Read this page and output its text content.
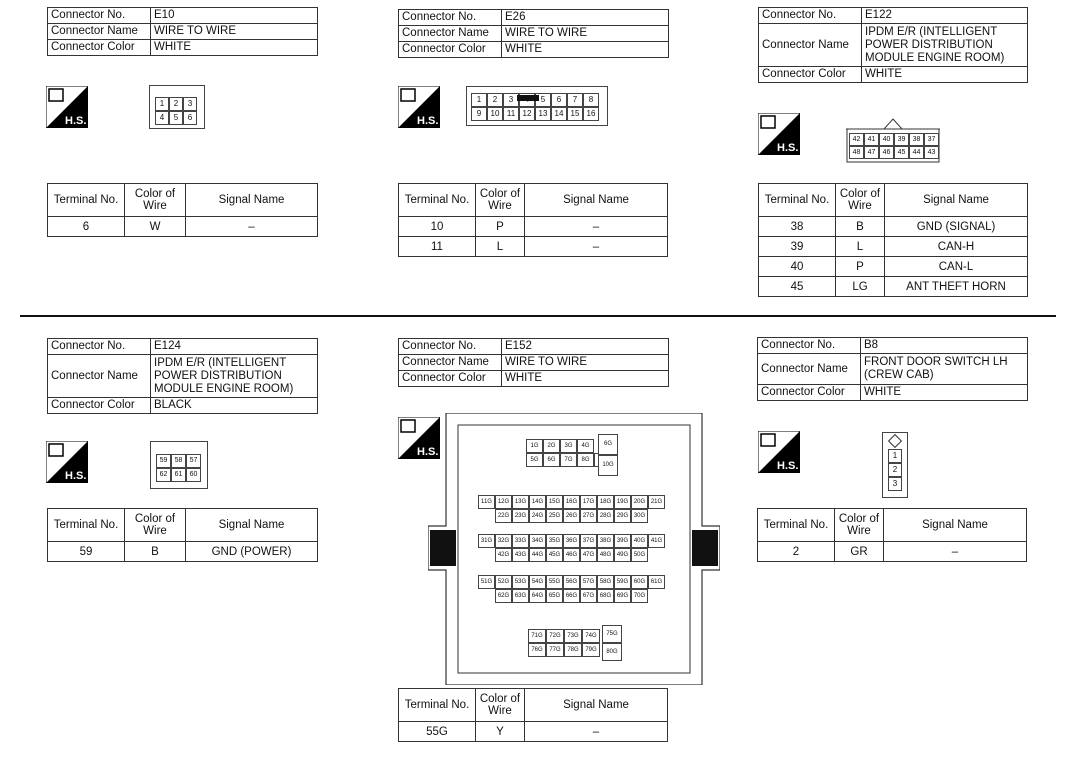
Connector No.	E10
Connector Name	WIRE TO WIRE
Connector Color	WHITE
Connector No.	E26
Connector Name	WIRE TO WIRE
Connector Color	WHITE
Connector No.	E122
Connector Name	IPDM E/R (INTELLIGENT POWER DISTRIBUTION MODULE ENGINE ROOM)
Connector Color	WHITE
H.S.	H.S.
H.S.
1	2	3
4	5	6
1	2	3	5	6	7	8
9	10 11 12 13 14 15 16
42	41	40	39	38	37
48	47	46	45	44	43
Terminal No.	Color of Wire	Signal Name
6	W	–
Terminal No.	Color of Wire	Signal Name
10	P	–
11	L	–
Terminal No.	Color of Wire	Signal Name
38	B	GND (SIGNAL)
39	L	CAN-H
40	P	CAN-L
45	LG	ANT THEFT HORN
Connector No.	E124
Connector Name	IPDM E/R (INTELLIGENT POWER DISTRIBUTION MODULE ENGINE ROOM)
Connector Color	BLACK
Connector No.	E152
Connector Name	WIRE TO WIRE
Connector Color	WHITE
Connector No.	B8
Connector Name	FRONT DOOR SWITCH LH (CREW CAB)
Connector Color	WHITE
H.S.
H.S.
H.S.
59	58	57
62	61	60
1
2
3
1G	2G	3G	4G
5G	6G	7G	8G
6G
10G
11G 12G 13G 14G 15G 16G 17G 18G 19G 20G 21G
22G 23G 24G 25G 26G 27G 28G 29G 30G
31G 32G 33G 34G 35G 36G 37G 38G 39G 40G 41G
42G 43G 44G 45G 46G 47G 48G 49G 50G
51G 52G 53G 54G 55G 56G 57G 58G 59G 60G 61G
62G 63G 64G 65G 66G 67G 68G 69G 70G
71G	72G	73G	74G
76G	77G	78G	79G
75G
80G
Terminal No.	Color of Wire	Signal Name
59	B	GND (POWER)
Terminal No.	Color of Wire	Signal Name
2	GR	–
Terminal No.	Color of Wire	Signal Name
55G	Y	–
